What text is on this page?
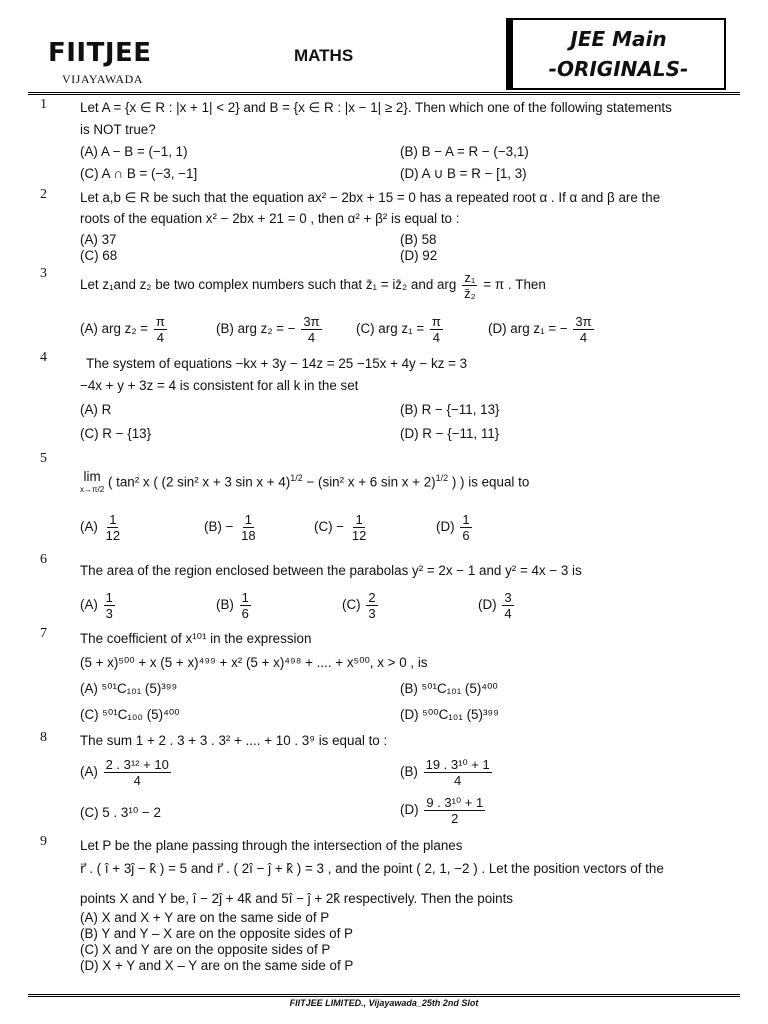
FIITJEE
VIJAYAWADA
MATHS
JEE Main
-ORIGINALS-
1 Let A = {x ∈ R : |x + 1| < 2} and B = {x ∈ R : |x − 1| ≥ 2}. Then which one of the following statements
is NOT true?
(A) A − B = (−1, 1)	(B) B − A = R − (−3,1)
(C) A ∩ B = (−3, −1]	(D) A ∪ B = R − [1, 3)
2 Let a,b ∈ R be such that the equation ax² − 2bx + 15 = 0 has a repeated root α . If α and β are the
roots of the equation x² − 2bx + 21 = 0 , then α² + β² is equal to :
(A) 37	(B) 58
(C) 68	(D) 92
3
Let z₁and z₂ be two complex numbers such that z̄₁ = iz̄₂ and arg $\frac{\text{z₁}}{\text{z̄₂}} = \pi$ . Then
(A) arg $z_2 = \frac{\pi}{4}$	(B) arg z₂ = − $\frac{3\pi}{4}$	(C) arg $z_1 = \frac{\pi}{4}$	(D) arg z₁ = − $\frac{3\pi}{4}$
4	The system of equations −kx + 3y − 14z = 25 −15x + 4y − kz = 3
−4x + y + 3z = 4 is consistent for all k in the set
(A) R	(B) R − {−11, 13}
(C) R − {13}	(D) R − {−11, 11}
5
lim
x→π/2 ( tan² x ( (2 sin² x + 3 sin x + 4)$^{1/2}$ − (sin² x + 6 sin x + 2)$^{1/2}$ ) ) is equal to
$(A) \frac{1}{12}$	$(B) - \frac{1}{18}$	$(C) - \frac{1}{12}$	$(D) \frac{1}{6}$
6
The area of the region enclosed between the parabolas y² = 2x − 1 and y² = 4x − 3 is
$(A) \frac{1}{3}$	$(B) \frac{1}{6}$	$(C) \frac{2}{3}$	$(D) \frac{3}{4}$
7 The coefficient of x¹⁰¹ in the expression
(5 + x)⁵⁰⁰ + x (5 + x)⁴⁹⁹ + x² (5 + x)⁴⁹⁸ + .... + x⁵⁰⁰, x > 0 , is
(A) ⁵⁰¹C₁₀₁ (5)³⁹⁹	(B) ⁵⁰¹C₁₀₁ (5)⁴⁰⁰
(C) ⁵⁰¹C₁₀₀ (5)⁴⁰⁰	(D) ⁵⁰⁰C₁₀₁ (5)³⁹⁹
8 The sum 1 + 2 . 3 + 3 . 3² + .... + 10 . 3⁹ is equal to :
$(A) \frac{\text{2 . 3¹² + 10}}{4}$	$(B) \frac{\text{19 . 3¹⁰ + 1}}{4}$
(C) 5 . 3¹⁰ − 2	$(D) \frac{\text{9 . 3¹⁰ + 1}}{2}$
9 Let P be the plane passing through the intersection of the planes
r⃗ . ( î + 3ĵ − k̂ ) = 5 and r⃗ . ( 2î − ĵ + k̂ ) = 3 , and the point ( 2, 1, −2 ) . Let the position vectors of the
points X and Y be, î − 2ĵ + 4k̂ and 5î − ĵ + 2k̂ respectively. Then the points
(A) X and X + Y are on the same side of P
(B) Y and Y – X are on the opposite sides of P
(C) X and Y are on the opposite sides of P
(D) X + Y and X – Y are on the same side of P
FIITJEE LIMITED., Vijayawada_25th 2nd Slot
